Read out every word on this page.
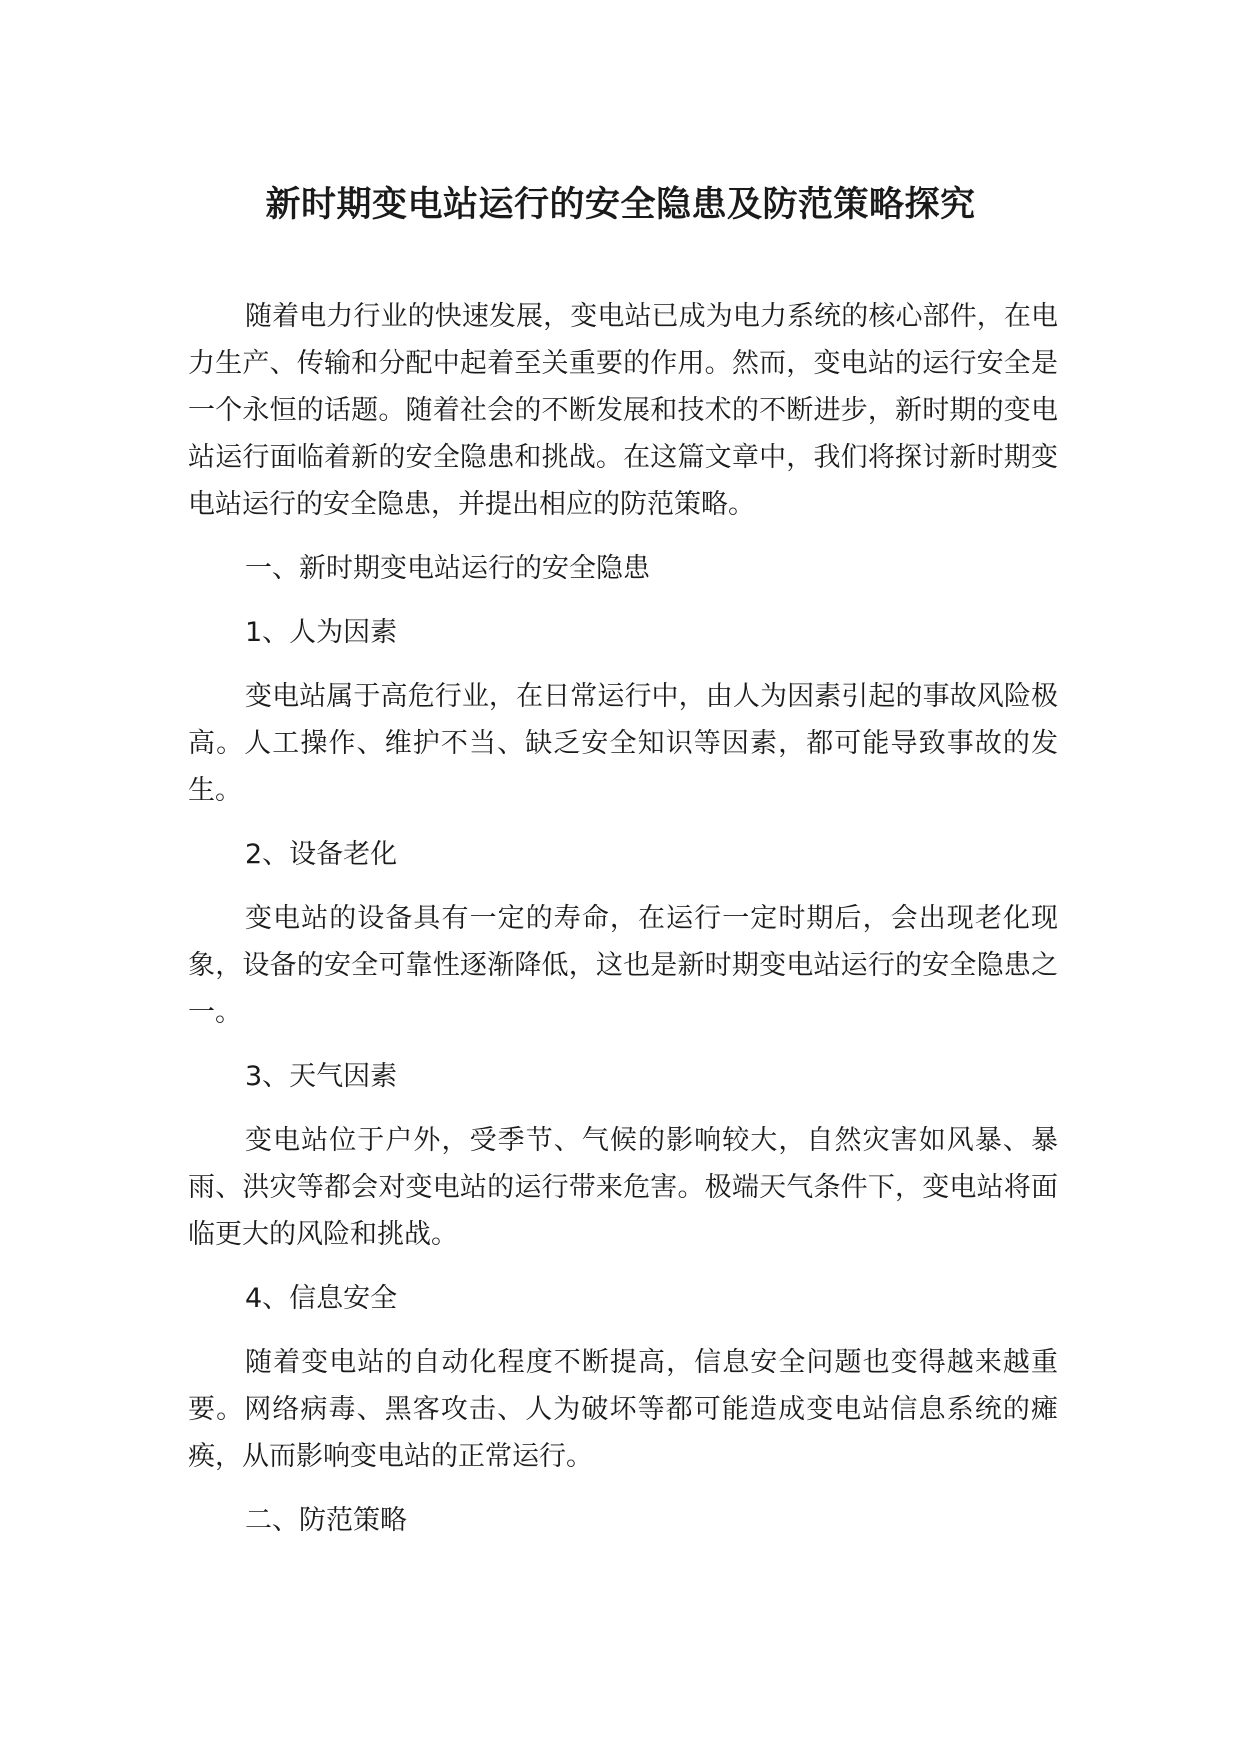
新时期变电站运行的安全隐患及防范策略探究

随着电力行业的快速发展，变电站已成为电力系统的核心部件，在电力生产、传输和分配中起着至关重要的作用。然而，变电站的运行安全是一个永恒的话题。随着社会的不断发展和技术的不断进步，新时期的变电站运行面临着新的安全隐患和挑战。在这篇文章中，我们将探讨新时期变电站运行的安全隐患，并提出相应的防范策略。

一、新时期变电站运行的安全隐患

1、人为因素

变电站属于高危行业，在日常运行中，由人为因素引起的事故风险极高。人工操作、维护不当、缺乏安全知识等因素，都可能导致事故的发生。

2、设备老化

变电站的设备具有一定的寿命，在运行一定时期后，会出现老化现象，设备的安全可靠性逐渐降低，这也是新时期变电站运行的安全隐患之一。

3、天气因素

变电站位于户外，受季节、气候的影响较大，自然灾害如风暴、暴雨、洪灾等都会对变电站的运行带来危害。极端天气条件下，变电站将面临更大的风险和挑战。

4、信息安全

随着变电站的自动化程度不断提高，信息安全问题也变得越来越重要。网络病毒、黑客攻击、人为破坏等都可能造成变电站信息系统的瘫痪，从而影响变电站的正常运行。

二、防范策略
